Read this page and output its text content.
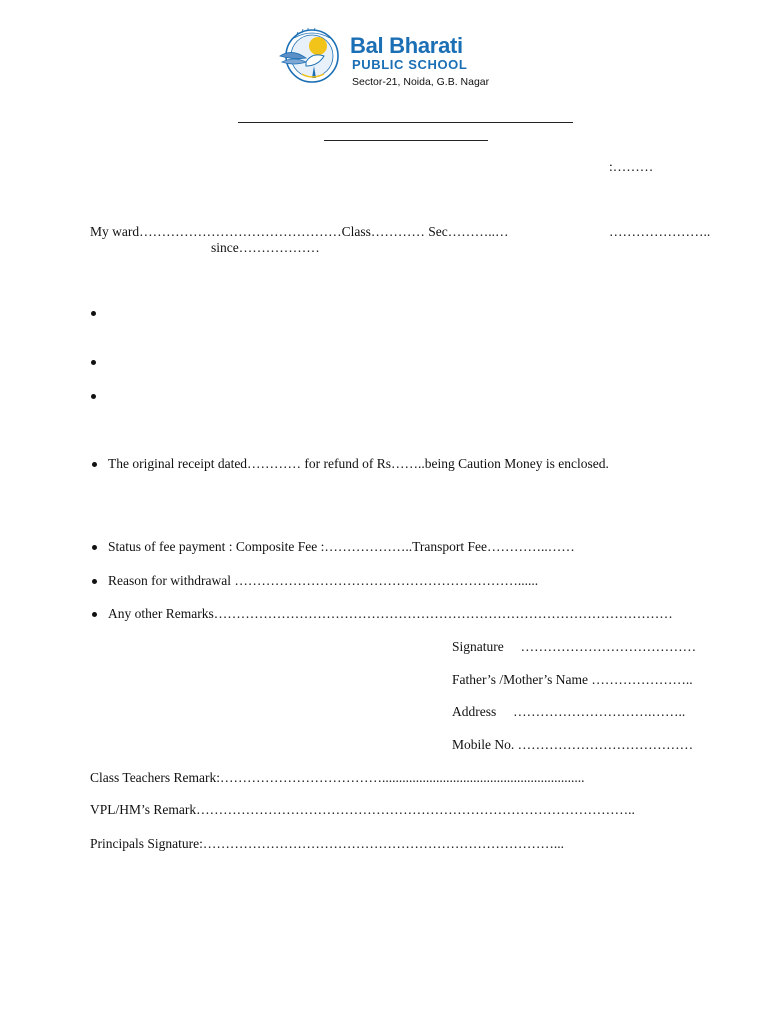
Bal Bharati
PUBLIC SCHOOL
Sector-21, Noida, G.B. Nagar
:………
My ward………………………………………Class………… Sec………..…	…………………..
since………………
The original receipt dated………… for refund of Rs……..being Caution Money is enclosed.
Status of fee payment : Composite Fee :………………..Transport Fee…………..……
Reason for withdrawal ………………………………………………………......
Any other Remarks…………………………………………………………………………………………
Signature     …………………………………
Father’s /Mother’s Name …………………..
Address     ………………………….……..
Mobile No. …………………………………
Class Teachers Remark:………………………………............................................................
VPL/HM’s Remark……………………………………………………………………………………..
Principals Signature:……………………………………………………………………...
